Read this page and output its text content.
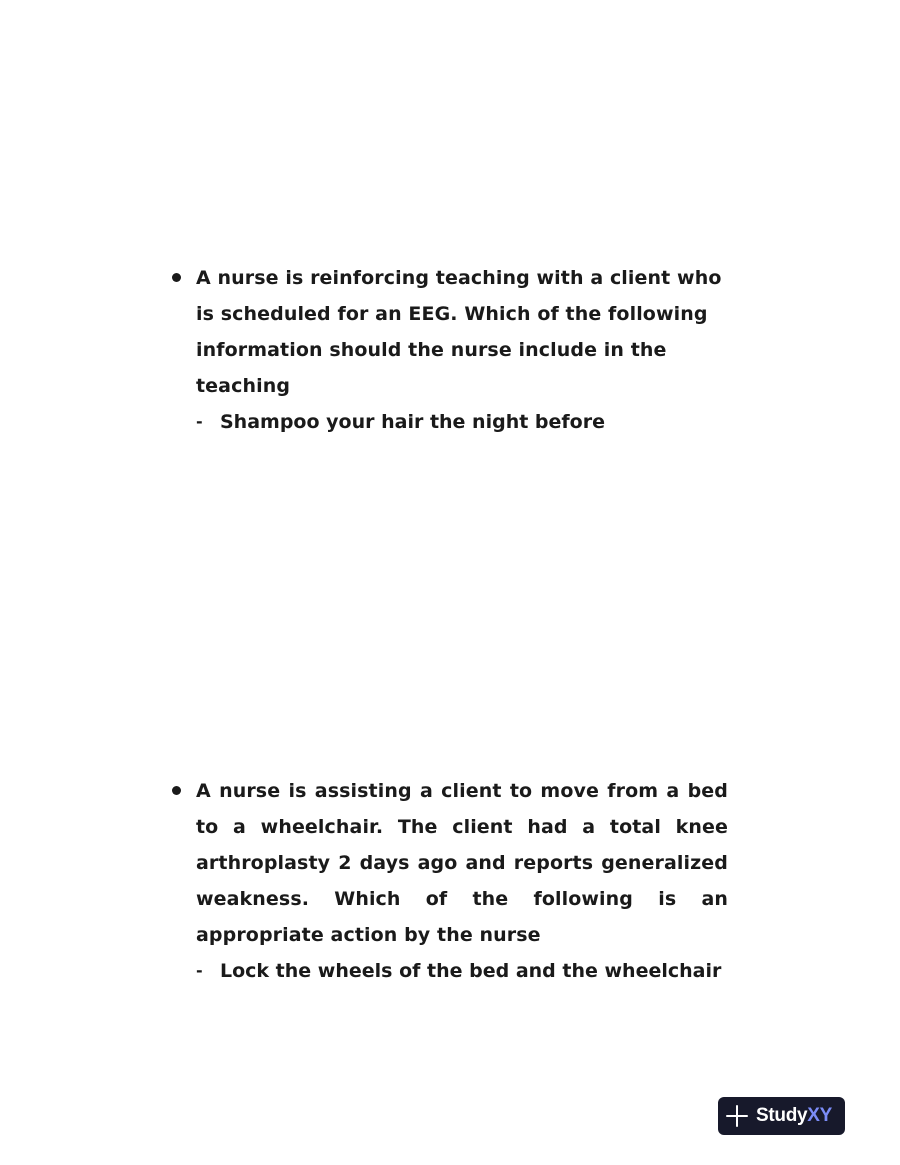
A nurse is reinforcing teaching with a client who is scheduled for an EEG. Which of the following information should the nurse include in the teaching

- Shampoo your hair the night before

A nurse is assisting a client to move from a bed to a wheelchair. The client had a total knee arthroplasty 2 days ago and reports generalized weakness. Which of the following is an appropriate action by the nurse

- Lock the wheels of the bed and the wheelchair

StudyXY
